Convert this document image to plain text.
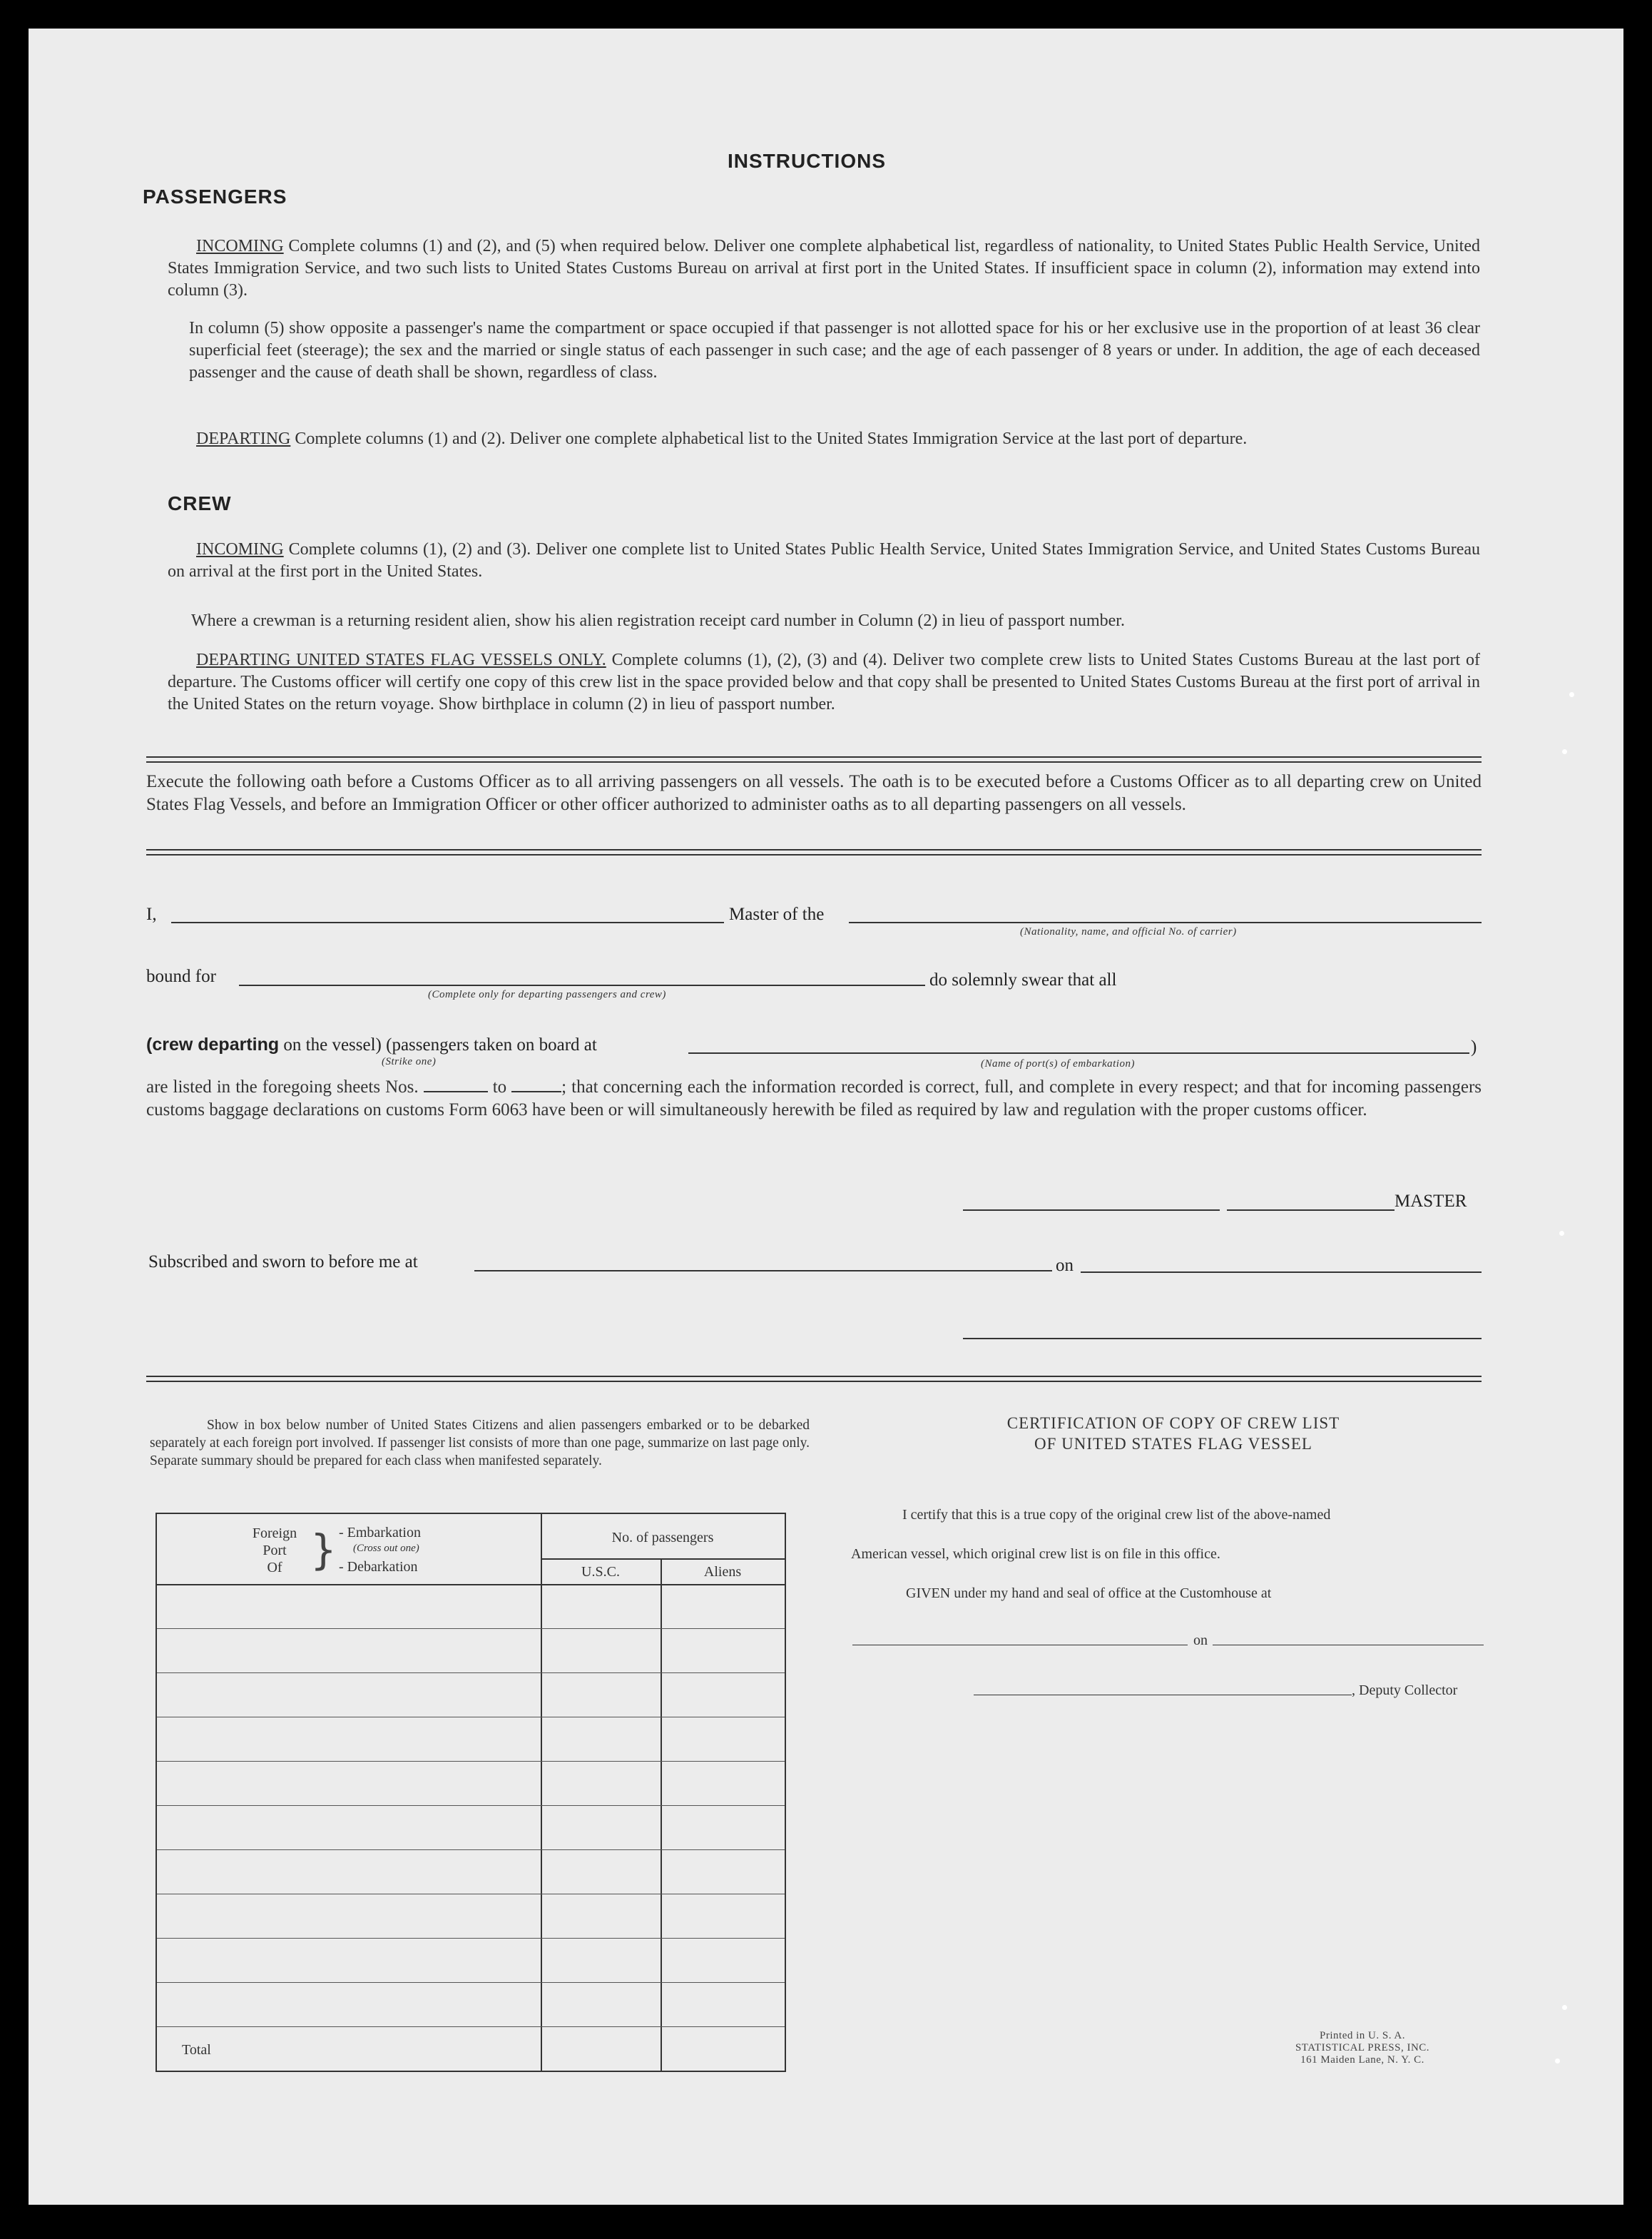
INSTRUCTIONS
PASSENGERS
INCOMING Complete columns (1) and (2), and (5) when required below. Deliver one complete alphabetical list, regardless of nationality, to United States Public Health Service, United States Immigration Service, and two such lists to United States Customs Bureau on arrival at first port in the United States. If insufficient space in column (2), information may extend into column (3).
In column (5) show opposite a passenger's name the compartment or space occupied if that passenger is not allotted space for his or her exclusive use in the proportion of at least 36 clear superficial feet (steerage); the sex and the married or single status of each passenger in such case; and the age of each passenger of 8 years or under. In addition, the age of each deceased passenger and the cause of death shall be shown, regardless of class.
DEPARTING Complete columns (1) and (2). Deliver one complete alphabetical list to the United States Immigration Service at the last port of departure.
CREW
INCOMING Complete columns (1), (2) and (3). Deliver one complete list to United States Public Health Service, United States Immigration Service, and United States Customs Bureau on arrival at the first port in the United States.
Where a crewman is a returning resident alien, show his alien registration receipt card number in Column (2) in lieu of passport number.
DEPARTING UNITED STATES FLAG VESSELS ONLY. Complete columns (1), (2), (3) and (4). Deliver two complete crew lists to United States Customs Bureau at the last port of departure. The Customs officer will certify one copy of this crew list in the space provided below and that copy shall be presented to United States Customs Bureau at the first port of arrival in the United States on the return voyage. Show birthplace in column (2) in lieu of passport number.
Execute the following oath before a Customs Officer as to all arriving passengers on all vessels. The oath is to be executed before a Customs Officer as to all departing crew on United States Flag Vessels, and before an Immigration Officer or other officer authorized to administer oaths as to all departing passengers on all vessels.
I,	Master of the
(Nationality, name, and official No. of carrier)
bound for
(Complete only for departing passengers and crew)
do solemnly swear that all
(crew departing on the vessel) (passengers taken on board at
(Strike one)
)
(Name of port(s) of embarkation)
are listed in the foregoing sheets Nos.	to	; that concerning each the information recorded is correct, full, and complete in every respect; and that for incoming passengers customs baggage declarations on customs Form 6063 have been or will simultaneously herewith be filed as required by law and regulation with the proper customs officer.
MASTER
Subscribed and sworn to before me at	on
Show in box below number of United States Citizens and alien passengers embarked or to be debarked separately at each foreign port involved. If passenger list consists of more than one page, summarize on last page only. Separate summary should be prepared for each class when manifested separately.
Foreign
Port
Of } - Embarkation
(Cross out one)
- Debarkation
No. of passengers
U.S.C.	Aliens
Total
CERTIFICATION OF COPY OF CREW LIST
OF UNITED STATES FLAG VESSEL
I certify that this is a true copy of the original crew list of the above-named
American vessel, which original crew list is on file in this office.
GIVEN under my hand and seal of office at the Customhouse at
on
, Deputy Collector
Printed in U. S. A.
STATISTICAL PRESS, INC.
161 Maiden Lane, N. Y. C.
